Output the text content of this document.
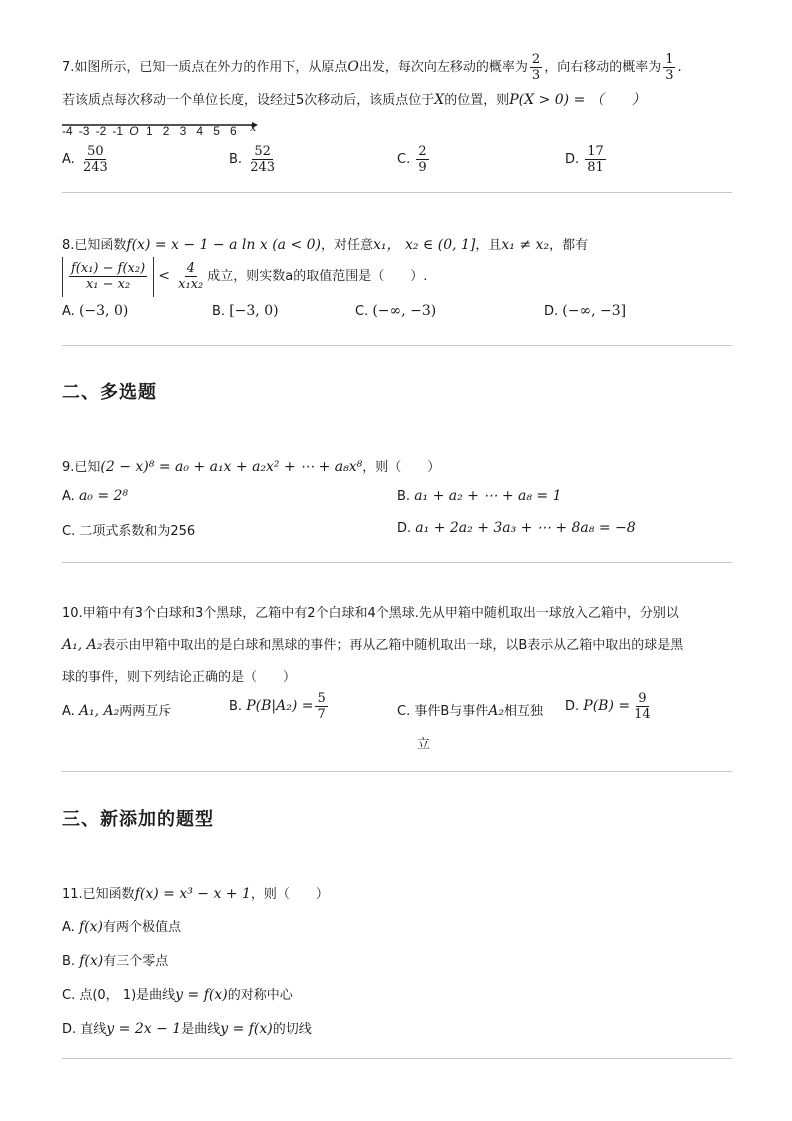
7.如图所示，已知一质点在外力的作用下，从原点O出发，每次向左移动的概率为 $\frac{2}{3}$ ，向右移动的概率为 $\frac{1}{3}$ .
若该质点每次移动一个单位长度，设经过5次移动后，该质点位于X的位置，则P(X > 0) = （　　）
-4 -3 -2 -1 O 1 2 3 4 5 6 x
A. $\frac{50}{243}$	B. $\frac{52}{243}$	C. $\frac{2}{9}$	D. $\frac{17}{81}$
8.已知函数f(x) = x − 1 − a ln x (a < 0)，对任意x₁， x₂ ∈ (0, 1]，且x₁ ≠ x₂，都有
$\frac{\text{f(x₁) − f(x₂)}}{\text{x₁ − x₂}} < \frac{4}{\text{x₁x₂}}$ 成立，则实数a的取值范围是（　　）.
A. (−3, 0)	B. [−3, 0)	C. (−∞, −3)	D. (−∞, −3]
二、多选题
9.已知(2 − x)⁸ = a₀ + a₁x + a₂x² + ⋯ + a₈x⁸，则（　　）
A. a₀ = 2⁸	B. a₁ + a₂ + ⋯ + a₈ = 1
C. 二项式系数和为256	D. a₁ + 2a₂ + 3a₃ + ⋯ + 8a₈ = −8
10.甲箱中有3个白球和3个黑球，乙箱中有2个白球和4个黑球.先从甲箱中随机取出一球放入乙箱中，分别以
A₁, A₂表示由甲箱中取出的是白球和黑球的事件；再从乙箱中随机取出一球，以B表示从乙箱中取出的球是黑
球的事件，则下列结论正确的是（　　）
A. A₁, A₂两两互斥	B. $P(B|A_2) = \frac{5}{7}$	C. 事件B与事件A₂相互独
立
D. $P(B) = \frac{9}{14}$
三、新添加的题型
11.已知函数f(x) = x³ − x + 1，则（　　）
A. f(x)有两个极值点
B. f(x)有三个零点
C. 点(0， 1)是曲线y = f(x)的对称中心
D. 直线y = 2x − 1是曲线y = f(x)的切线
